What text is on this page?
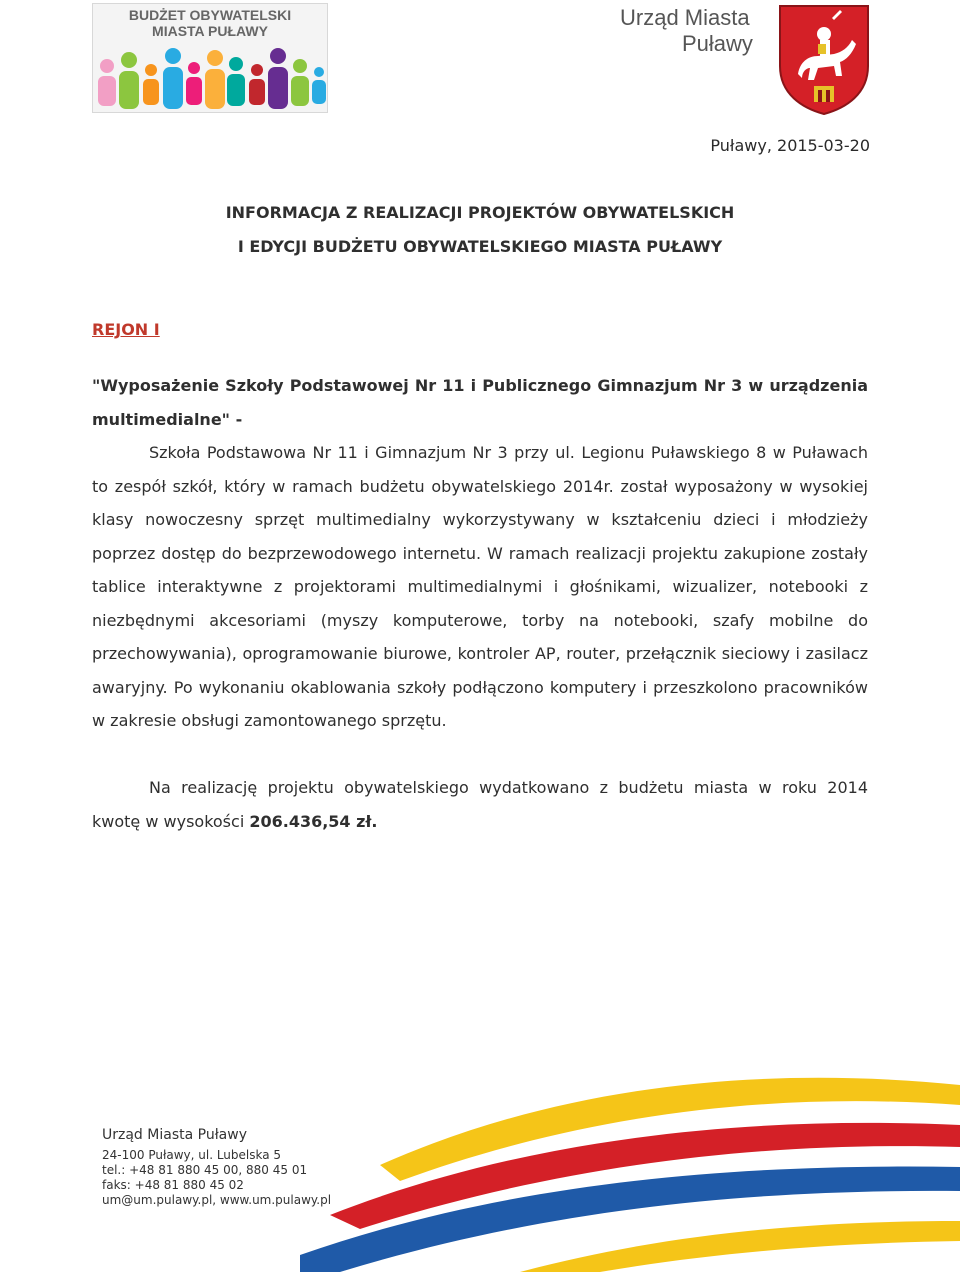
BUDŻET OBYWATELSKI
MIASTA PUŁAWY
Urząd Miasta
Puławy
Puławy, 2015-03-20
INFORMACJA Z REALIZACJI PROJEKTÓW OBYWATELSKICH
I EDYCJI BUDŻETU OBYWATELSKIEGO MIASTA PUŁAWY
REJON I
"Wyposażenie Szkoły Podstawowej Nr 11 i Publicznego Gimnazjum Nr 3 w urządzenia multimedialne" -
Szkoła Podstawowa Nr 11 i Gimnazjum Nr 3 przy ul. Legionu Puławskiego 8 w Puławach to zespół szkół, który w ramach budżetu obywatelskiego 2014r. został wyposażony w wysokiej klasy nowoczesny sprzęt multimedialny wykorzystywany w kształceniu dzieci i młodzieży poprzez dostęp do bezprzewodowego internetu. W ramach realizacji projektu zakupione zostały tablice interaktywne z projektorami multimedialnymi i głośnikami, wizualizer, notebooki z niezbędnymi akcesoriami (myszy komputerowe, torby na notebooki, szafy mobilne do przechowywania), oprogramowanie biurowe, kontroler AP, router, przełącznik sieciowy i zasilacz awaryjny. Po wykonaniu okablowania szkoły podłączono komputery i przeszkolono pracowników w zakresie obsługi zamontowanego sprzętu.
Na realizację projektu obywatelskiego wydatkowano z budżetu miasta w roku 2014 kwotę w wysokości 206.436,54 zł.
Urząd Miasta Puławy
24-100 Puławy, ul. Lubelska 5
tel.: +48 81 880 45 00, 880 45 01
faks: +48 81 880 45 02
um@um.pulawy.pl, www.um.pulawy.pl
